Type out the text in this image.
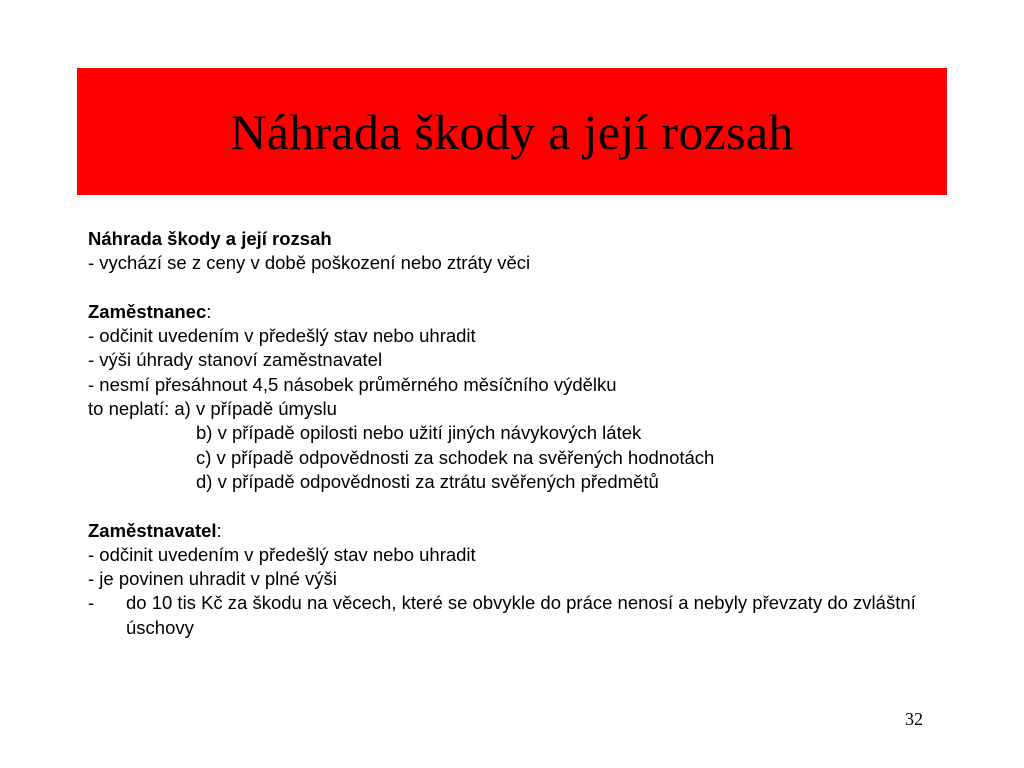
Náhrada škody a její rozsah
Náhrada škody a její rozsah
- vychází se z ceny v době poškození nebo ztráty věci
Zaměstnanec:
- odčinit uvedením v předešlý stav nebo uhradit
- výši úhrady stanoví zaměstnavatel
- nesmí přesáhnout 4,5 násobek průměrného měsíčního výdělku
to neplatí: a) v případě úmyslu
b) v případě opilosti nebo užití jiných návykových látek
c) v případě odpovědnosti za schodek na svěřených hodnotách
d) v případě odpovědnosti za ztrátu svěřených předmětů
Zaměstnavatel:
- odčinit uvedením v předešlý stav nebo uhradit
- je povinen uhradit v plné výši
-	do 10 tis Kč za škodu na věcech, které se obvykle do práce nenosí a nebyly převzaty do zvláštní úschovy
32
